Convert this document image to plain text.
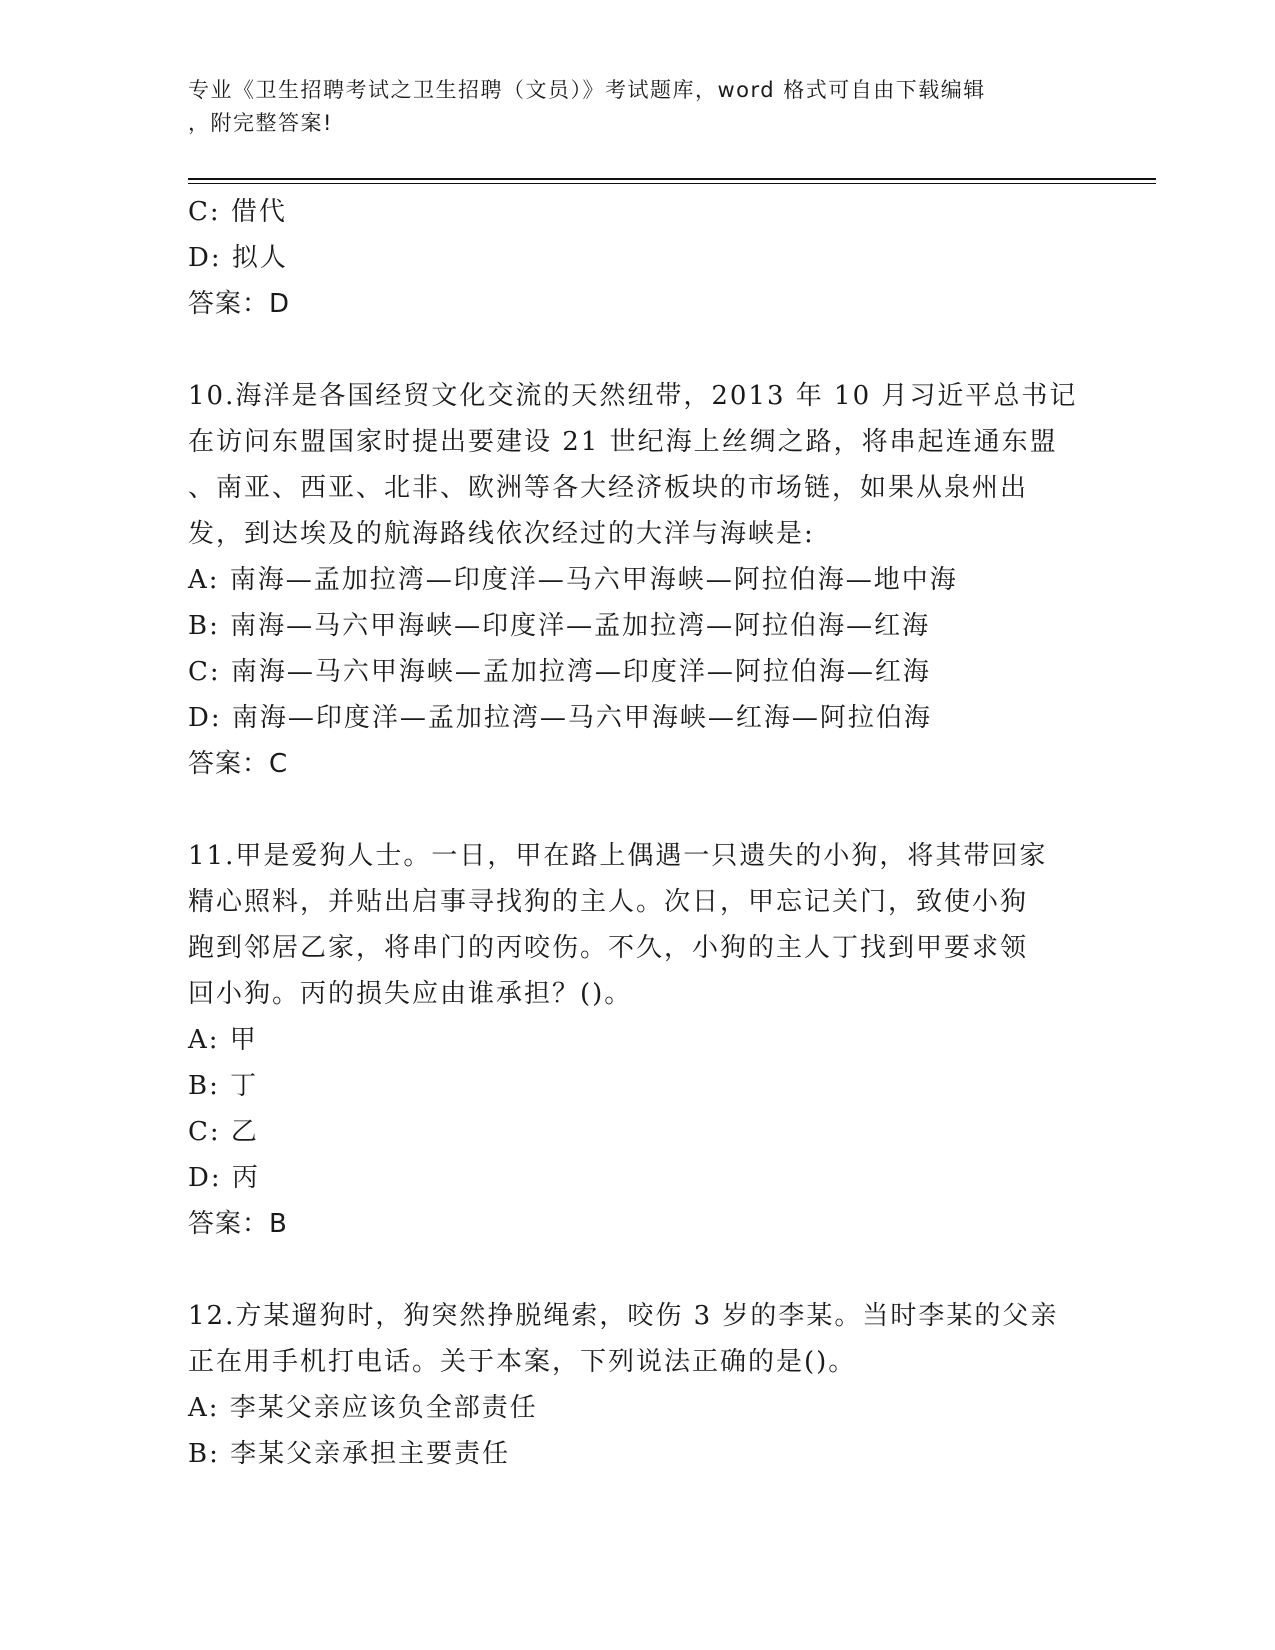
专业《卫生招聘考试之卫生招聘（文员）》考试题库，word 格式可自由下载编辑
，附完整答案!
C: 借代
D: 拟人
答案：D
10.海洋是各国经贸文化交流的天然纽带，2013 年 10 月习近平总书记
在访问东盟国家时提出要建设 21 世纪海上丝绸之路，将串起连通东盟
、南亚、西亚、北非、欧洲等各大经济板块的市场链，如果从泉州出
发，到达埃及的航海路线依次经过的大洋与海峡是:
A: 南海—孟加拉湾—印度洋—马六甲海峡—阿拉伯海—地中海
B: 南海—马六甲海峡—印度洋—孟加拉湾—阿拉伯海—红海
C: 南海—马六甲海峡—孟加拉湾—印度洋—阿拉伯海—红海
D: 南海—印度洋—孟加拉湾—马六甲海峡—红海—阿拉伯海
答案：C
11.甲是爱狗人士。一日，甲在路上偶遇一只遗失的小狗，将其带回家
精心照料，并贴出启事寻找狗的主人。次日，甲忘记关门，致使小狗
跑到邻居乙家，将串门的丙咬伤。不久，小狗的主人丁找到甲要求领
回小狗。丙的损失应由谁承担？()。
A: 甲
B: 丁
C: 乙
D: 丙
答案：B
12.方某遛狗时，狗突然挣脱绳索，咬伤 3 岁的李某。当时李某的父亲
正在用手机打电话。关于本案，下列说法正确的是()。
A: 李某父亲应该负全部责任
B: 李某父亲承担主要责任
